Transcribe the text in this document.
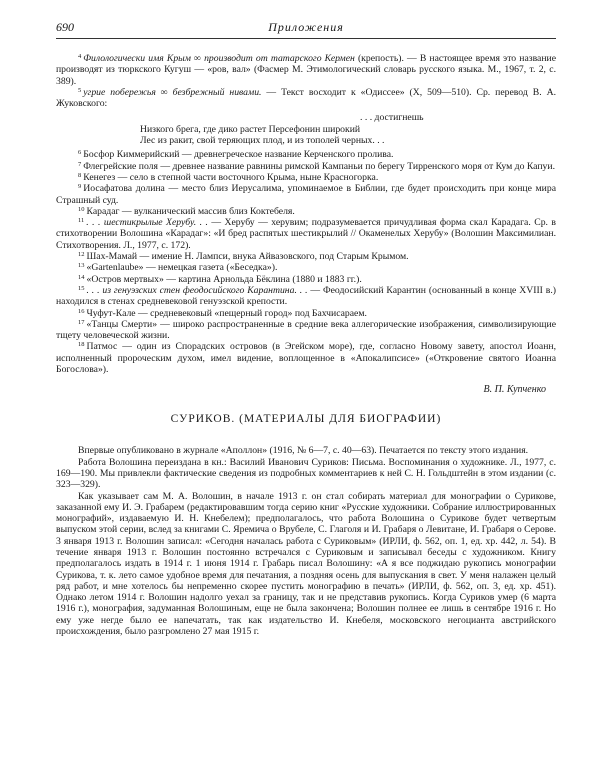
690	Приложения

$^4$ Филологически имя Крым ∞ производит от татарского Кермен (крепость). — В настоящее время это название производят из тюркского Кугуш — «ров, вал» (Фасмер М. Этимологический словарь русского языка. М., 1967, т. 2, с. 389).

$^5$ угрие побережья ∞ безбрежный нивами. — Текст восходит к «Одиссее» (X, 509—510). Ср. перевод В. А. Жуковского:

. . . достигнешь
Низкого брега, где дико растет Персефонин широкий
Лес из ракит, свой теряющих плод, и из тополей черных. . .

$^6$ Босфор Киммерийский — древнегреческое название Керченского пролива.

$^7$ Флегрейские поля — древнее название равнины римской Кампаньи по берегу Тирренского моря от Кум до Капуи.

$^8$ Кенегез — село в степной части восточного Крыма, ныне Красногорка.

$^9$ Иосафатова долина — место близ Иерусалима, упоминаемое в Библии, где будет происходить при конце мира Страшный суд.

$^{10}$ Карадаг — вулканический массив близ Коктебеля.

$^{11}$ . . . шестикрылые Херубу. . . — Херубу — херувим; подразумевается причудливая форма скал Карадага. Ср. в стихотворении Волошина «Карадаг»: «И бред распятых шестикрылий // Окаменелых Херубу» (Волошин Максимилиан. Стихотворения. Л., 1977, с. 172).

$^{12}$ Шах-Мамай — имение Н. Лампси, внука Айвазовского, под Старым Крымом.

$^{13}$ «Gartenlaube» — немецкая газета («Беседка»).

$^{14}$ «Остров мертвых» — картина Арнольда Бёклина (1880 и 1883 гг.).

$^{15}$ . . . из генуэзских стен феодосийского Карантина. . . — Феодосийский Карантин (основанный в конце XVIII в.) находился в стенах средневековой генуэзской крепости.

$^{16}$ Чуфут-Кале — средневековый «пещерный город» под Бахчисараем.

$^{17}$ «Танцы Смерти» — широко распространенные в средние века аллегорические изображения, символизирующие тщету человеческой жизни.

$^{18}$ Патмос — один из Спорадских островов (в Эгейском море), где, согласно Новому завету, апостол Иоанн, исполненный пророческим духом, имел видение, воплощенное в «Апокалипсисе» («Откровение святого Иоанна Богослова»).

В. П. Купченко
СУРИКОВ. (МАТЕРИАЛЫ ДЛЯ БИОГРАФИИ)

Впервые опубликовано в журнале «Аполлон» (1916, № 6—7, с. 40—63). Печатается по тексту этого издания.

Работа Волошина переиздана в кн.: Василий Иванович Суриков: Письма. Воспоминания о художнике. Л., 1977, с. 169—190. Мы привлекли фактические сведения из подробных комментариев к ней С. Н. Гольдштейн в этом издании (с. 323—329).

Как указывает сам М. А. Волошин, в начале 1913 г. он стал собирать материал для монографии о Сурикове, заказанной ему И. Э. Грабарем (редактировавшим тогда серию книг «Русские художники. Собрание иллюстрированных монографий», издаваемую И. Н. Кнебелем); предполагалось, что работа Волошина о Сурикове будет четвертым выпуском этой серии, вслед за книгами С. Яремича о Врубеле, С. Глаголя и И. Грабаря о Левитане, И. Грабаря о Серове. 3 января 1913 г. Волошин записал: «Сегодня началась работа с Суриковым» (ИРЛИ, ф. 562, оп. 1, ед. хр. 442, л. 54). В течение января 1913 г. Волошин постоянно встречался с Суриковым и записывал беседы с художником. Книгу предполагалось издать в 1914 г. 1 июня 1914 г. Грабарь писал Волошину: «А я все поджидаю рукопись монографии Сурикова, т. к. лето самое удобное время для печатания, а поздняя осень для выпускания в свет. У меня налажен целый ряд работ, и мне хотелось бы непременно скорее пустить монографию в печать» (ИРЛИ, ф. 562, оп. 3, ед. хр. 451). Однако летом 1914 г. Волошин надолго уехал за границу, так и не представив рукопись. Когда Суриков умер (6 марта 1916 г.), монография, задуманная Волошиным, еще не была закончена; Волошин полнее ее лишь в сентябре 1916 г. Но ему уже негде было ее напечатать, так как издательство И. Кнебеля, московского негоцианта австрийского происхождения, было разгромлено 27 мая 1915 г.
